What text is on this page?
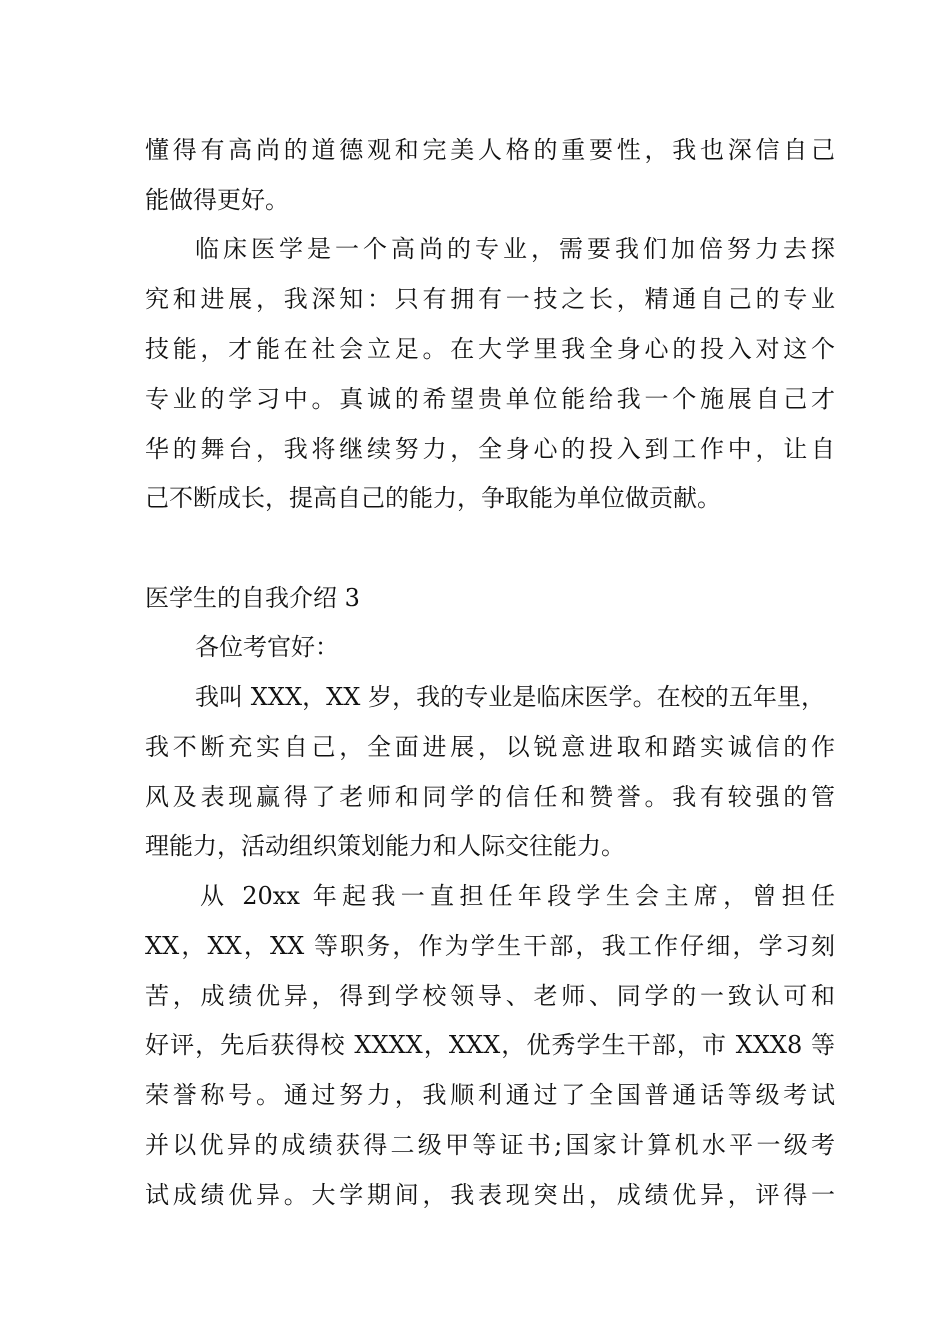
懂得有高尚的道德观和完美人格的重要性，我也深信自己
能做得更好。
临床医学是一个高尚的专业，需要我们加倍努力去探
究和进展，我深知：只有拥有一技之长，精通自己的专业
技能，才能在社会立足。在大学里我全身心的投入对这个
专业的学习中。真诚的希望贵单位能给我一个施展自己才
华的舞台，我将继续努力，全身心的投入到工作中，让自
己不断成长，提高自己的能力，争取能为单位做贡献。
医学生的自我介绍 3
各位考官好：
我叫 XXX，XX 岁，我的专业是临床医学。在校的五年里，
我不断充实自己，全面进展，以锐意进取和踏实诚信的作
风及表现赢得了老师和同学的信任和赞誉。我有较强的管
理能力，活动组织策划能力和人际交往能力。
从 20xx 年起我一直担任年段学生会主席，曾担任
XX，XX，XX 等职务，作为学生干部，我工作仔细，学习刻
苦，成绩优异，得到学校领导、老师、同学的一致认可和
好评，先后获得校 XXXX，XXX，优秀学生干部，市 XXX8 等
荣誉称号。通过努力，我顺利通过了全国普通话等级考试
并以优异的成绩获得二级甲等证书;国家计算机水平一级考
试成绩优异。大学期间，我表现突出，成绩优异，评得一
